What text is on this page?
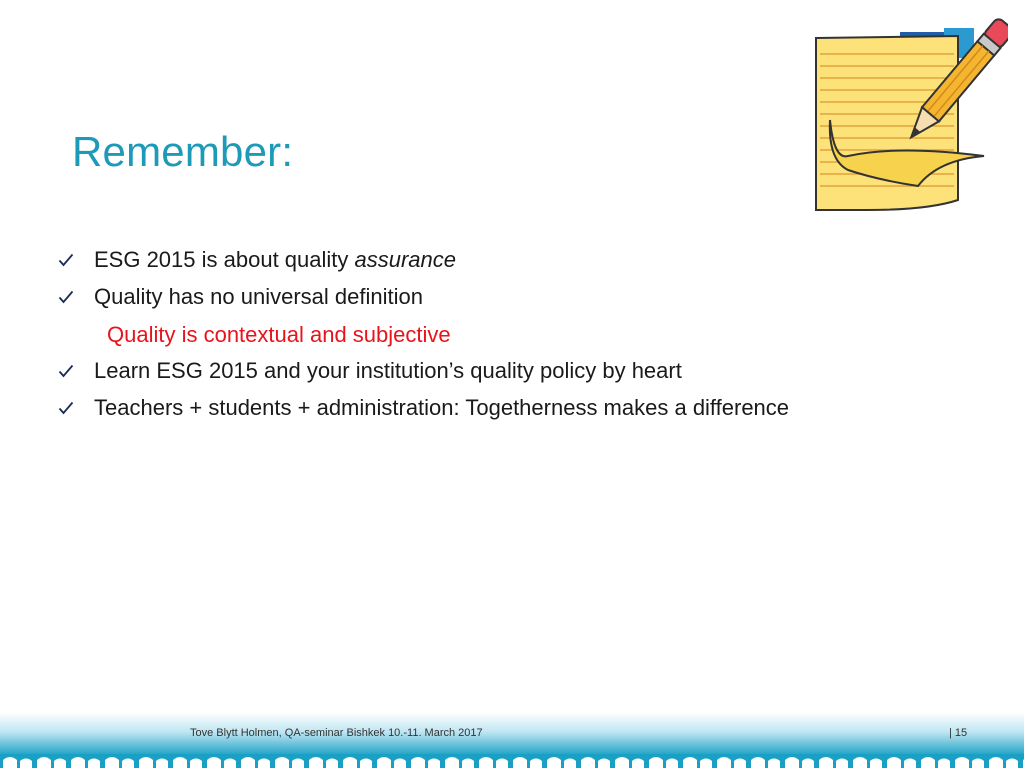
Remember:
ESG 2015 is about quality assurance
Quality has no universal definition
Quality is contextual and subjective
Learn ESG 2015 and your institution’s quality policy by heart
Teachers + students + administration: Togetherness makes a difference
Tove Blytt Holmen, QA-seminar Bishkek 10.-11. March 2017	| 15
